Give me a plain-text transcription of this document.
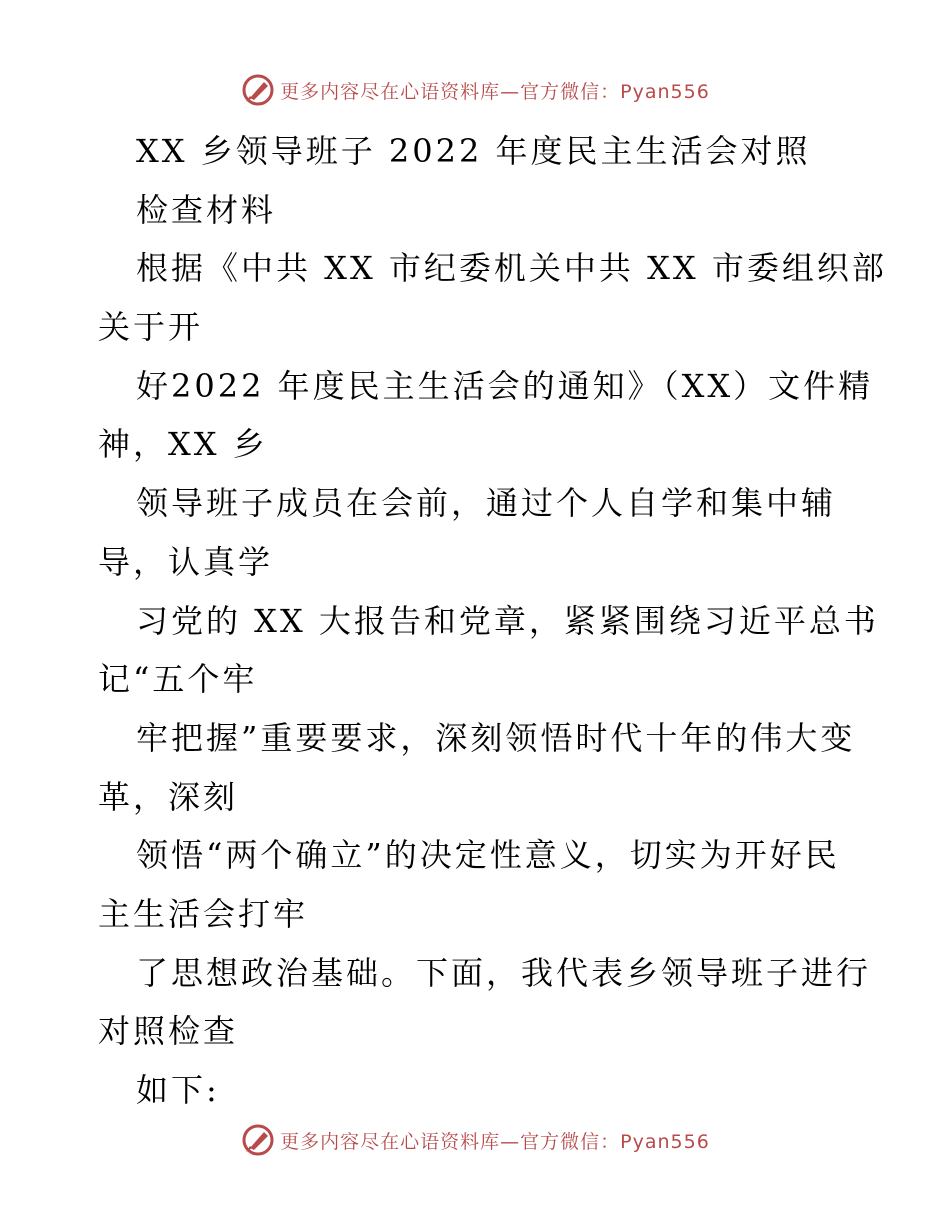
更多内容尽在心语资料库—官方微信：Pyan556
XX 乡领导班子 2022 年度民主生活会对照
检查材料
根据《中共 XX 市纪委机关中共 XX 市委组织部
关于开
好2022 年度民主生活会的通知》（XX）文件精
神，XX 乡
领导班子成员在会前，通过个人自学和集中辅
导，认真学
习党的 XX 大报告和党章，紧紧围绕习近平总书
记“五个牢
牢把握”重要要求，深刻领悟时代十年的伟大变
革，深刻
领悟“两个确立”的决定性意义，切实为开好民
主生活会打牢
了思想政治基础。下面，我代表乡领导班子进行
对照检查
如下:
更多内容尽在心语资料库—官方微信：Pyan556
